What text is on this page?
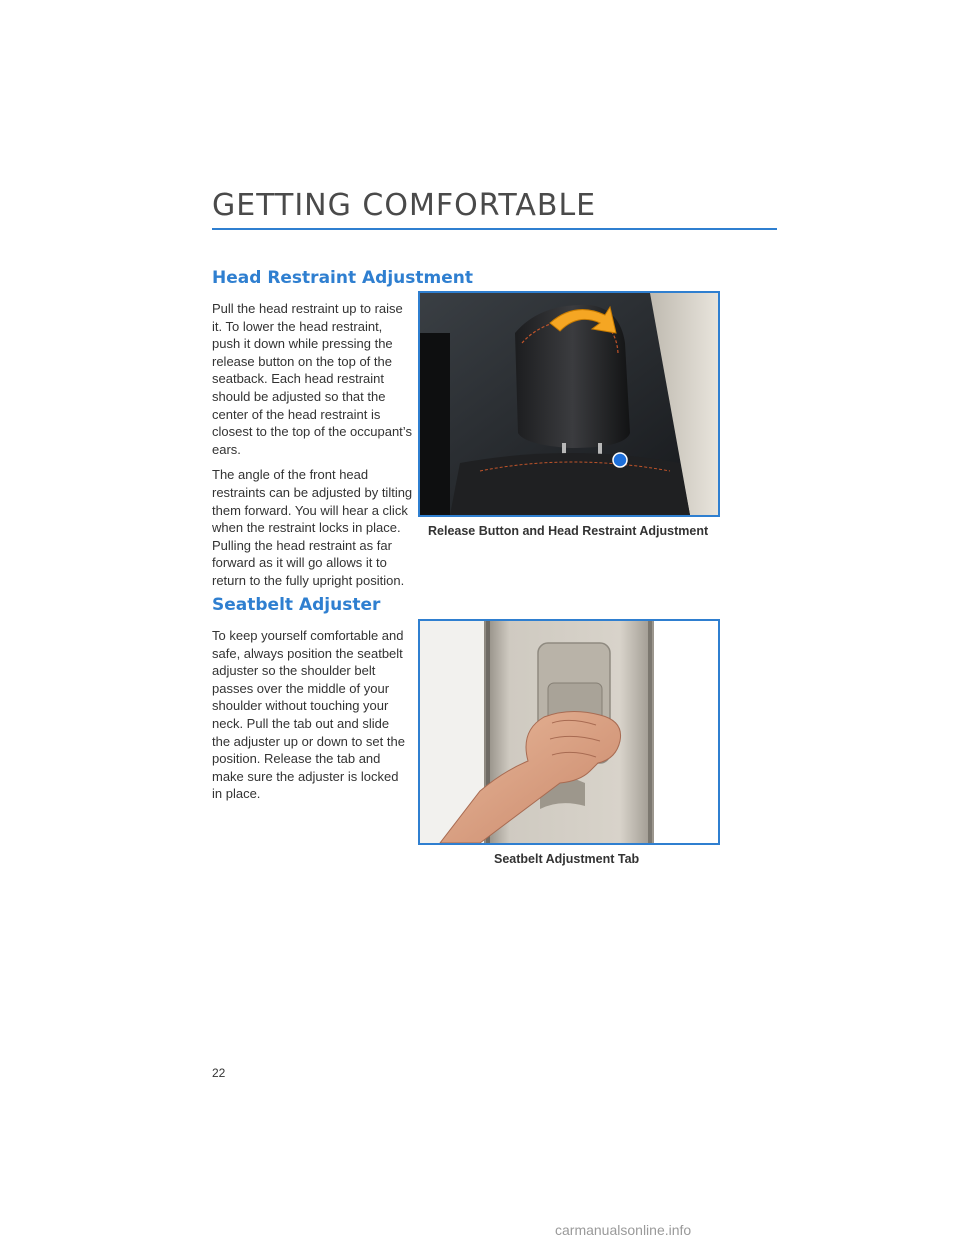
GETTING COMFORTABLE
Head Restraint Adjustment

Pull the head restraint up to raise it. To lower the head restraint, push it down while pressing the release button on the top of the seatback. Each head restraint should be adjusted so that the center of the head restraint is closest to the top of the occupant’s ears.

The angle of the front head restraints can be adjusted by tilting them forward. You will hear a click when the restraint locks in place. Pulling the head restraint as far forward as it will go allows it to return to the fully upright position.

Release Button and Head Restraint Adjustment
Seatbelt Adjuster

To keep yourself comfortable and safe, always position the seatbelt adjuster so the shoulder belt passes over the middle of your shoulder without touching your neck. Pull the tab out and slide the adjuster up or down to set the position. Release the tab and make sure the adjuster is locked in place.

Seatbelt Adjustment Tab
22
carmanualsonline.info
